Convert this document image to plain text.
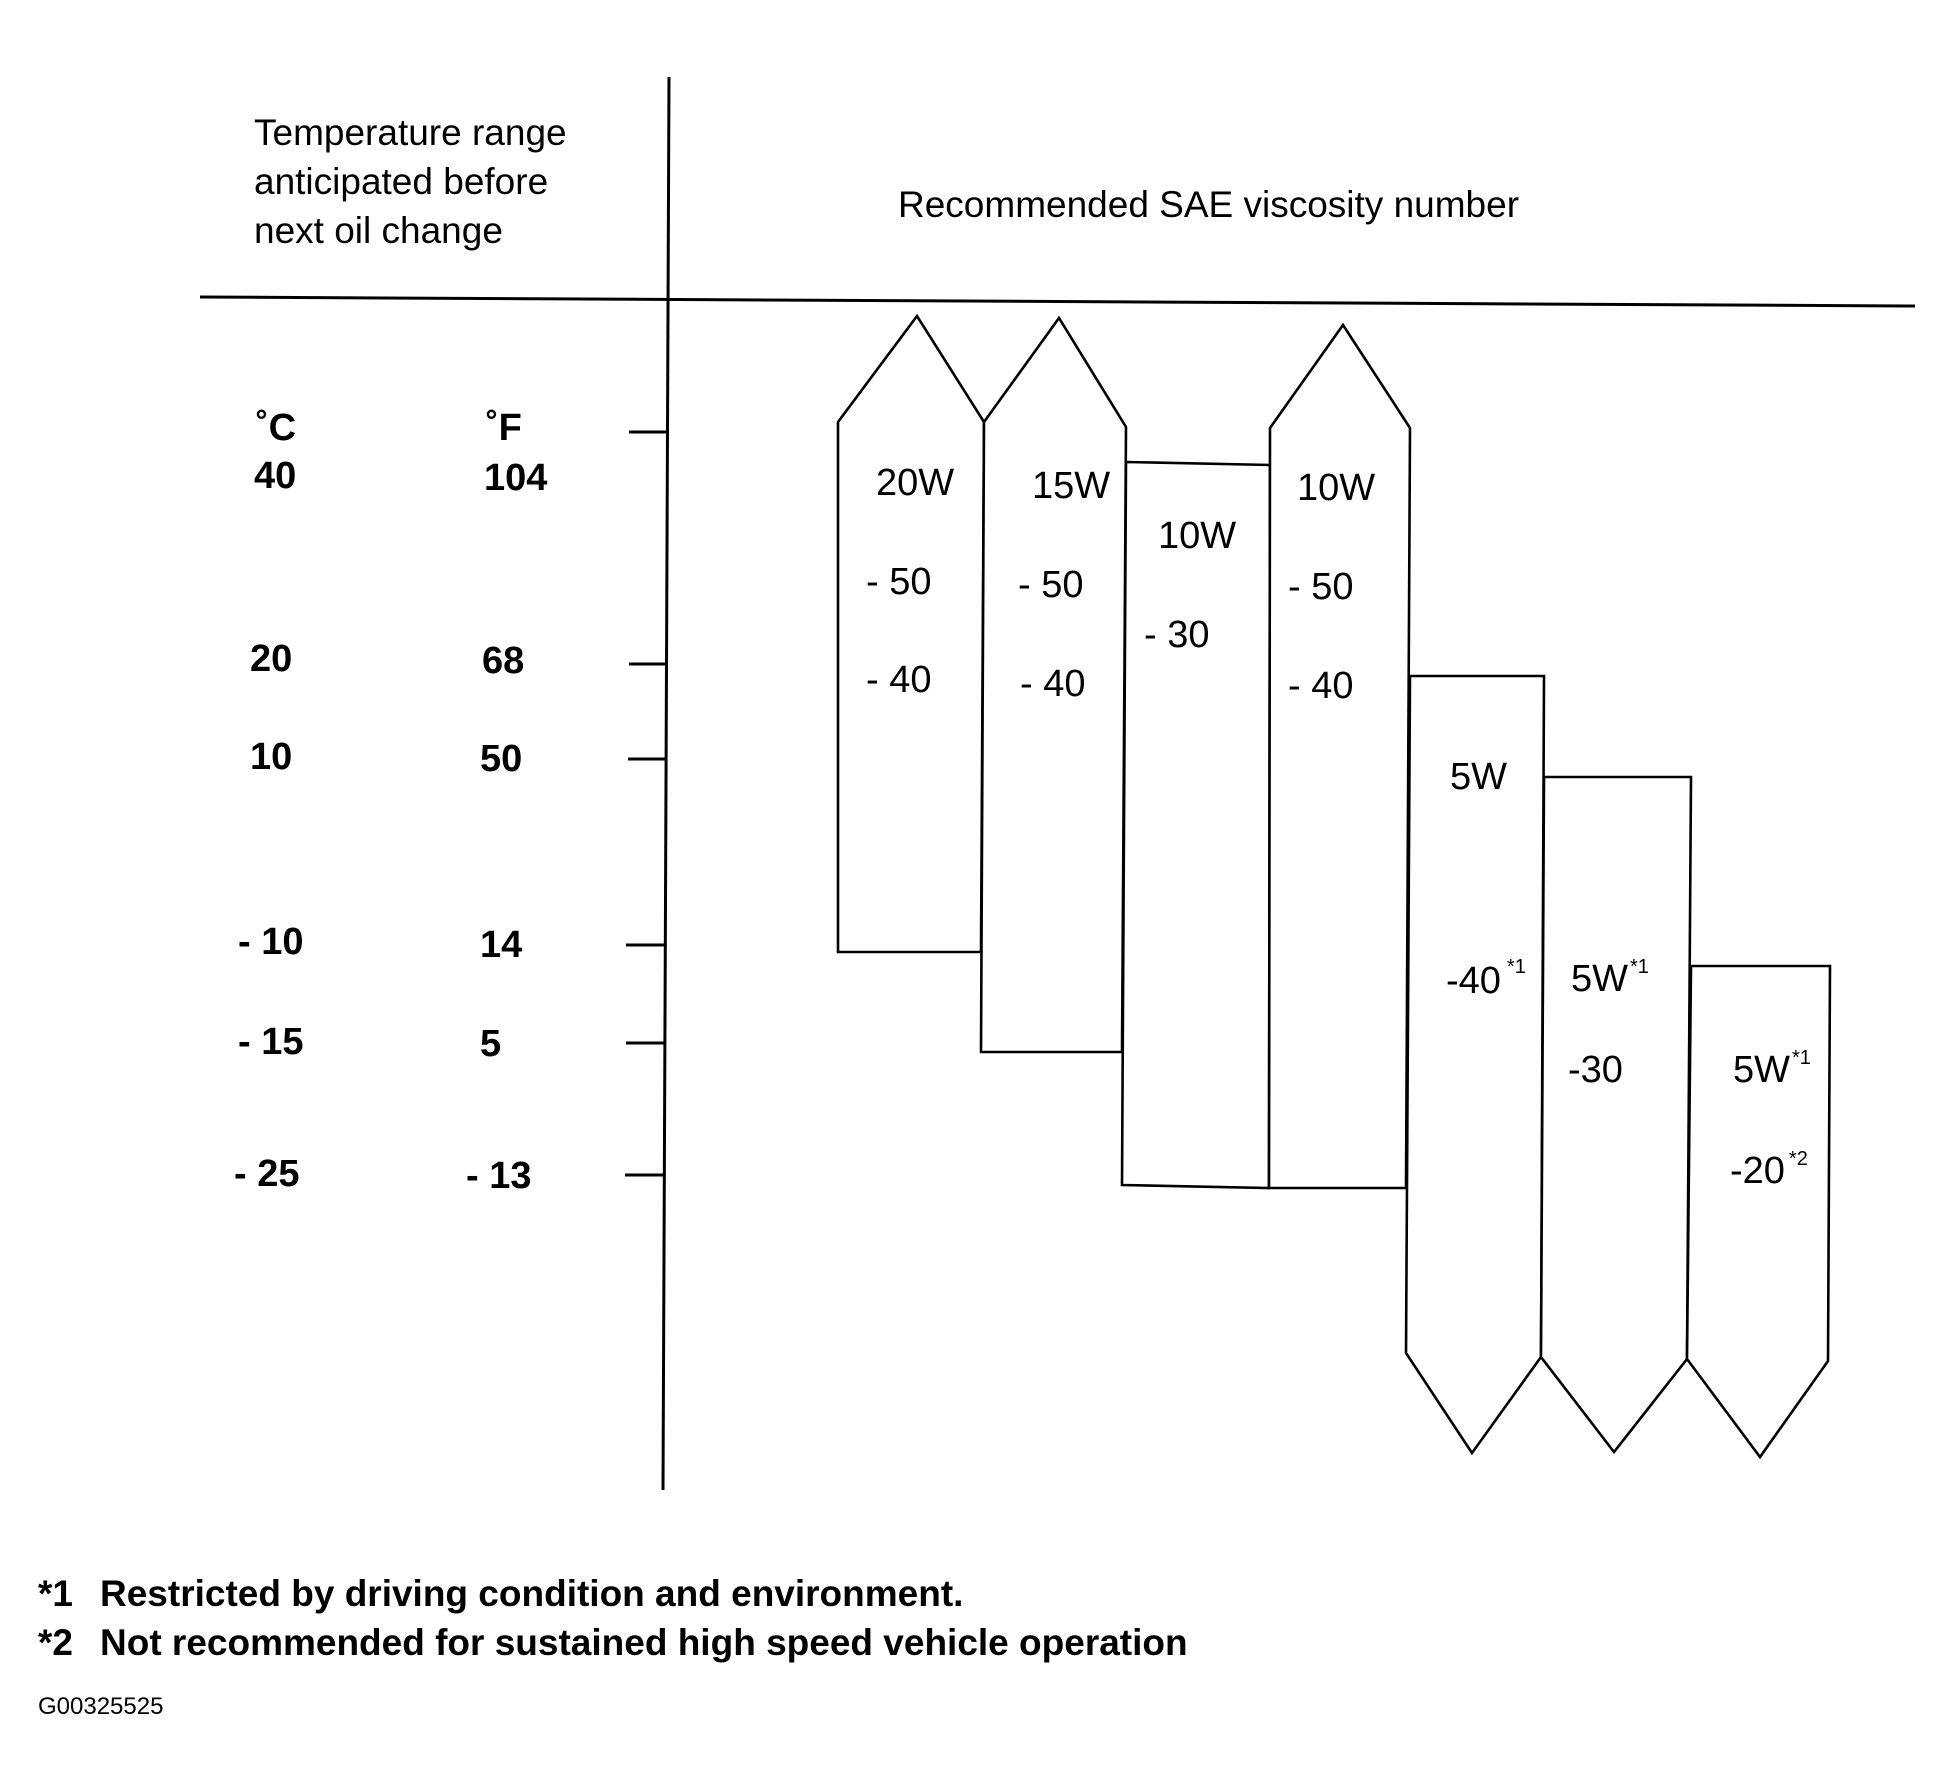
Temperature range
anticipated before
next oil change
Recommended SAE viscosity number
˚C	˚F
40	104
20	68
10	50
- 10	14
- 15	5
- 25	- 13
20W
- 50
- 40
15W
- 50
- 40
10W
- 30
10W
- 50
- 40
5W
-40 $^{*1}$ 5W $^{*1}$
-30	5W $^{*1}$
-20 $^{*2}$
*1 Restricted by driving condition and environment.
*2 Not recommended for sustained high speed vehicle operation
G00325525
